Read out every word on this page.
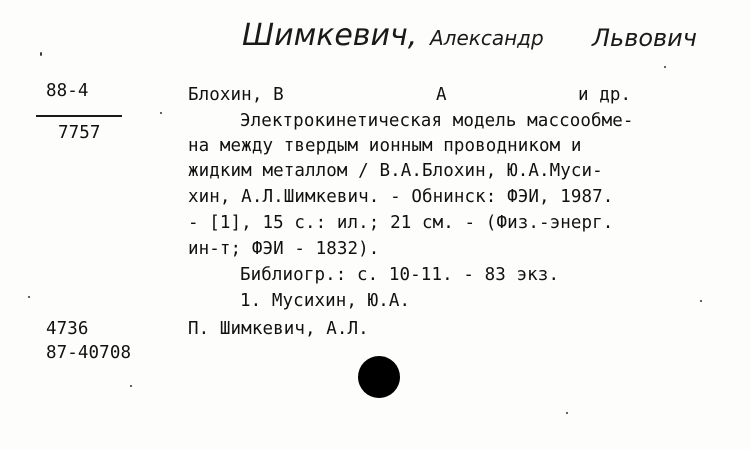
Шимкевич, Александр Львович
88-4
7757
Блохин, В	А	и др.
Электрокинетическая модель массообме-
на между твердым ионным проводником и
жидким металлом / В.А.Блохин, Ю.А.Муси-
хин, А.Л.Шимкевич. - Обнинск: ФЭИ, 1987.
- [1], 15 с.: ил.; 21 см. - (Физ.-энерг.
ин-т; ФЭИ - 1832).
Библиогр.: с. 10-11. - 83 экз.
1. Мусихин, Ю.А.
П. Шимкевич, А.Л.
4736
87-40708
